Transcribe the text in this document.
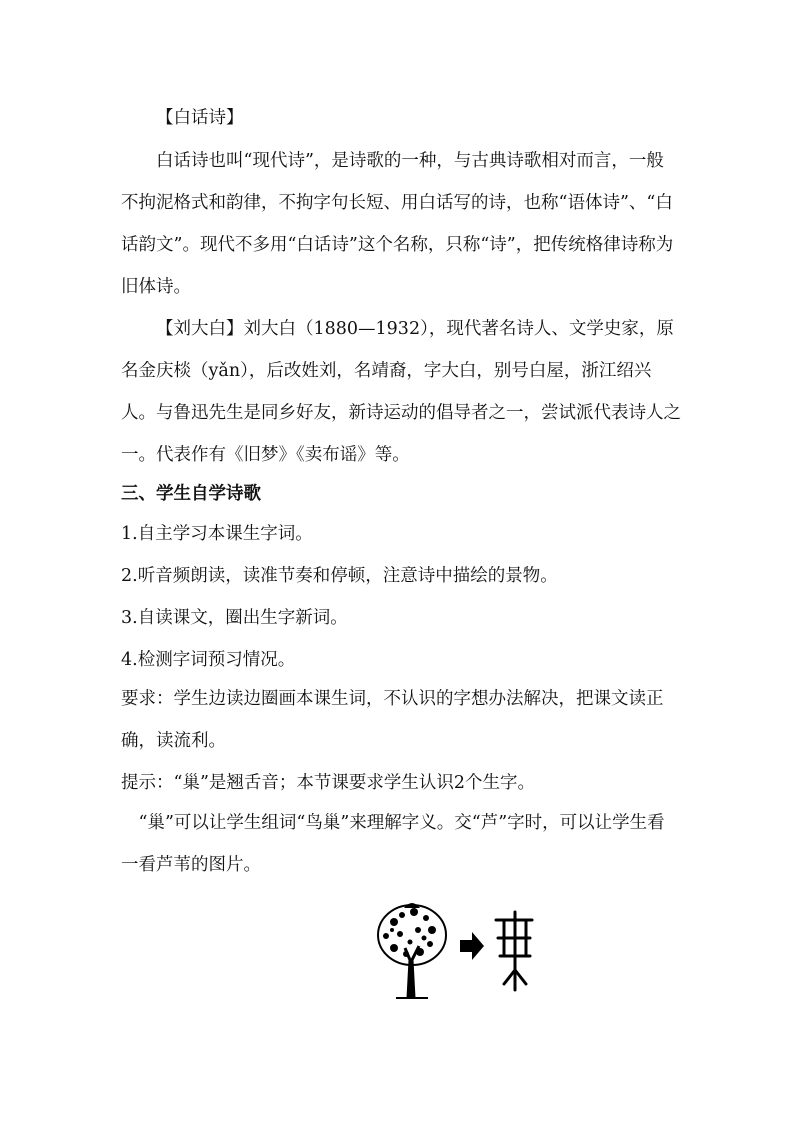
【白话诗】

白话诗也叫“现代诗”，是诗歌的一种，与古典诗歌相对而言，一般不拘泥格式和韵律，不拘字句长短、用白话写的诗，也称“语体诗”、“白话韵文”。现代不多用“白话诗”这个名称，只称“诗”，把传统格律诗称为旧体诗。

【刘大白】刘大白（1880—1932），现代著名诗人、文学史家，原名金庆棪（yǎn），后改姓刘，名靖裔，字大白，别号白屋，浙江绍兴人。与鲁迅先生是同乡好友，新诗运动的倡导者之一，尝试派代表诗人之一。代表作有《旧梦》《卖布谣》等。

三、学生自学诗歌

1.自主学习本课生字词。

2.听音频朗读，读准节奏和停顿，注意诗中描绘的景物。

3.自读课文，圈出生字新词。

4.检测字词预习情况。

要求：学生边读边圈画本课生词，不认识的字想办法解决，把课文读正确，读流利。

提示：“巢”是翘舌音；本节课要求学生认识2个生字。

“巢”可以让学生组词“鸟巢”来理解字义。交“芦”字时，可以让学生看一看芦苇的图片。
